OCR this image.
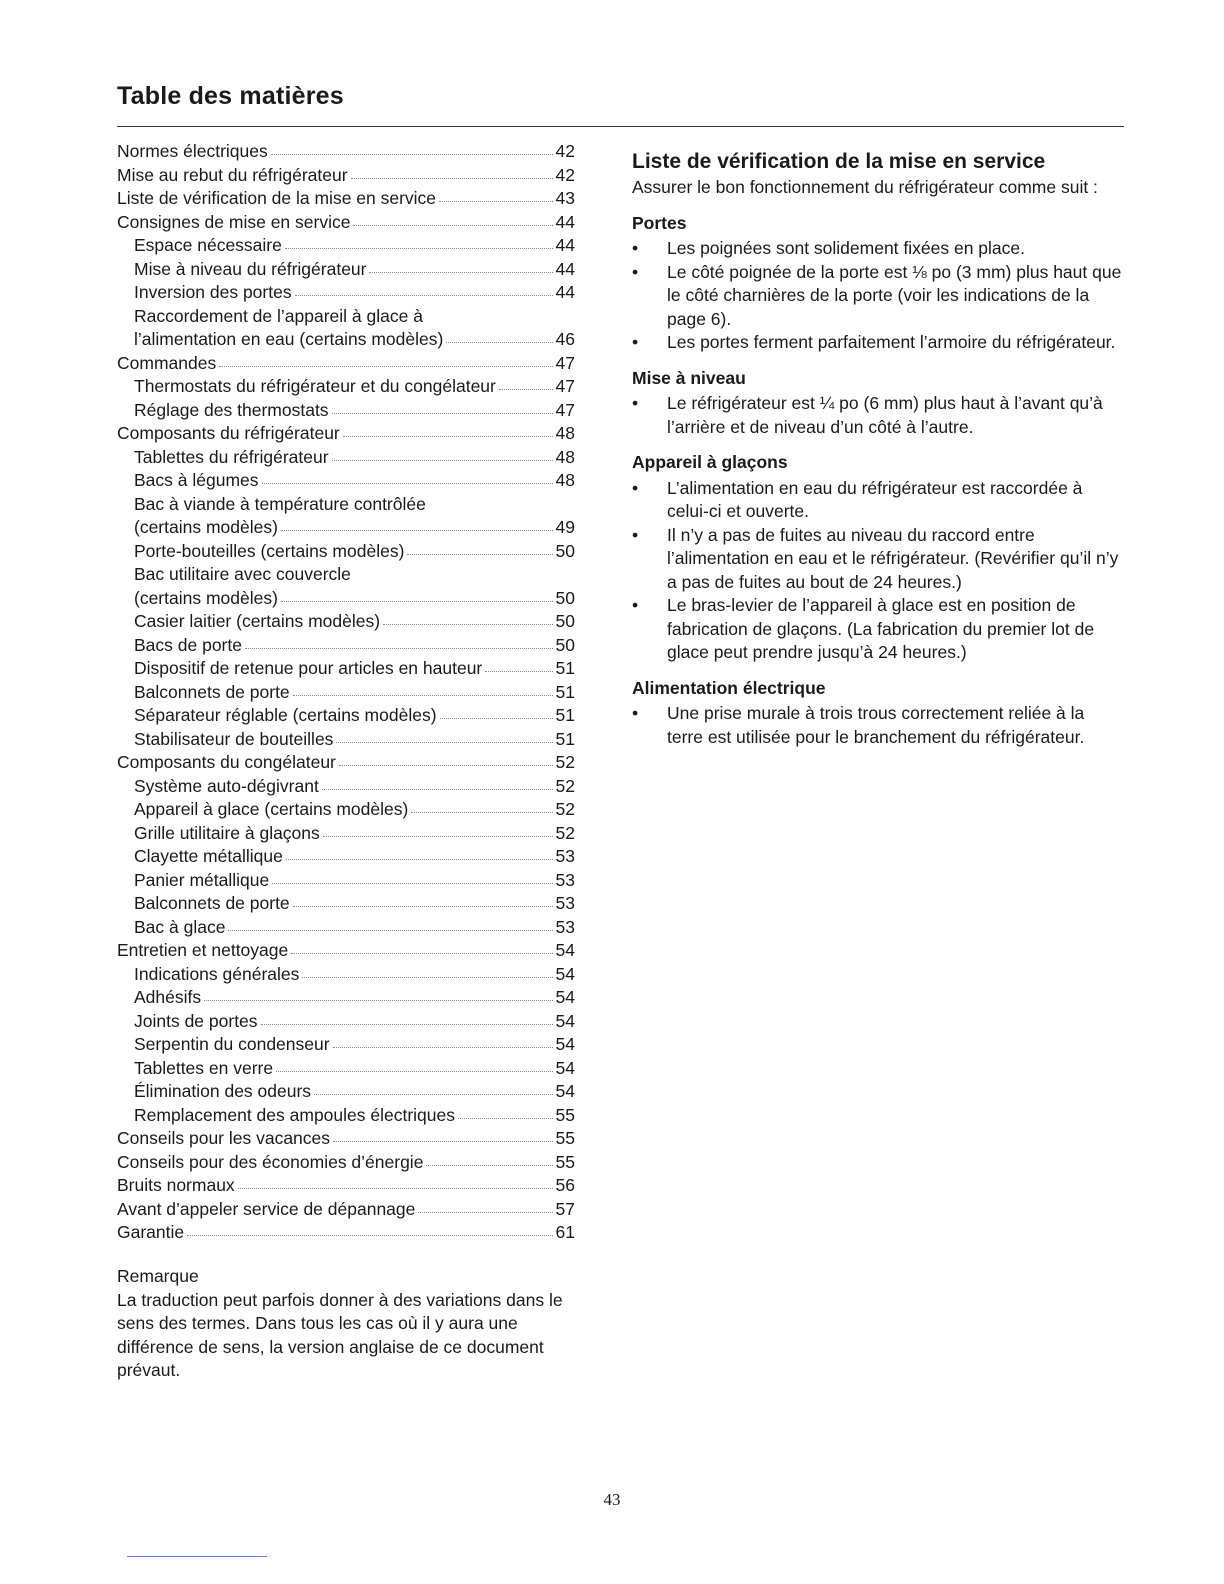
Table des matières
Normes électriques	42
Mise au rebut du réfrigérateur	42
Liste de vérification de la mise en service	43
Consignes de mise en service	44
Espace nécessaire	44
Mise à niveau du réfrigérateur	44
Inversion des portes	44
Raccordement de l’appareil à glace à
l’alimentation en eau (certains modèles)	46
Commandes	47
Thermostats du réfrigérateur et du congélateur	47
Réglage des thermostats	47
Composants du réfrigérateur	48
Tablettes du réfrigérateur	48
Bacs à légumes	48
Bac à viande à température contrôlée
(certains modèles)	49
Porte-bouteilles (certains modèles)	50
Bac utilitaire avec couvercle
(certains modèles)	50
Casier laitier (certains modèles)	50
Bacs de porte	50
Dispositif de retenue pour articles en hauteur	51
Balconnets de porte	51
Séparateur réglable (certains modèles)	51
Stabilisateur de bouteilles	51
Composants du congélateur	52
Système auto-dégivrant	52
Appareil à glace (certains modèles)	52
Grille utilitaire à glaçons	52
Clayette métallique	53
Panier métallique	53
Balconnets de porte	53
Bac à glace	53
Entretien et nettoyage	54
Indications générales	54
Adhésifs	54
Joints de portes	54
Serpentin du condenseur	54
Tablettes en verre	54
Élimination des odeurs	54
Remplacement des ampoules électriques	55
Conseils pour les vacances	55
Conseils pour des économies d’énergie	55
Bruits normaux	56
Avant d’appeler service de dépannage	57
Garantie	61
Remarque
La traduction peut parfois donner à des variations dans le sens des termes. Dans tous les cas où il y aura une différence de sens, la version anglaise de ce document prévaut.
Liste de vérification de la mise en service

Assurer le bon fonctionnement du réfrigérateur comme suit :

Portes
• Les poignées sont solidement fixées en place.
• Le côté poignée de la porte est ⅛ po (3 mm) plus haut que le côté charnières de la porte (voir les indications de la page 6).
• Les portes ferment parfaitement l’armoire du réfrigérateur.
Mise à niveau
• Le réfrigérateur est ¼ po (6 mm) plus haut à l’avant qu’à l’arrière et de niveau d’un côté à l’autre.
Appareil à glaçons
• L’alimentation en eau du réfrigérateur est raccordée à celui-ci et ouverte.
• Il n’y a pas de fuites au niveau du raccord entre l’alimentation en eau et le réfrigérateur. (Revérifier qu’il n’y a pas de fuites au bout de 24 heures.)
• Le bras-levier de l’appareil à glace est en position de fabrication de glaçons. (La fabrication du premier lot de glace peut prendre jusqu’à 24 heures.)
Alimentation électrique
• Une prise murale à trois trous correctement reliée à la terre est utilisée pour le branchement du réfrigérateur.
43
